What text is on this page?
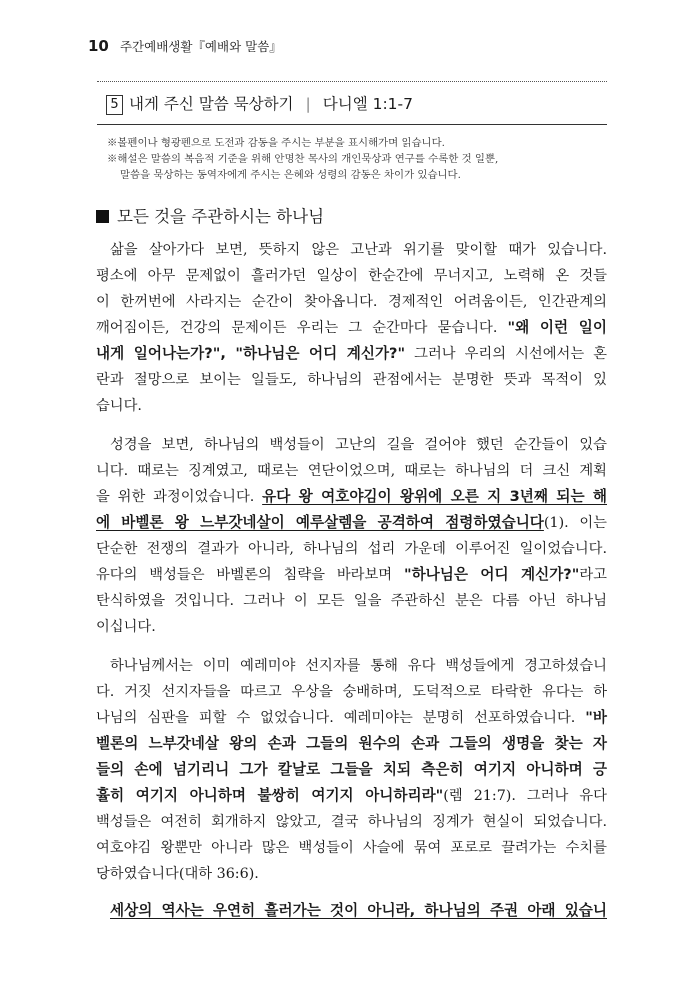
10 주간예배생활『예배와 말씀』
5 내게 주신 말씀 묵상하기 | 다니엘 1:1-7
※볼펜이나 형광펜으로 도전과 감동을 주시는 부분을 표시해가며 읽습니다.
※해설은 말씀의 복음적 기준을 위해 안명찬 목사의 개인묵상과 연구를 수록한 것 일뿐,
말씀을 묵상하는 동역자에게 주시는 은혜와 성령의 감동은 차이가 있습니다.
모든 것을 주관하시는 하나님
삶을 살아가다 보면, 뜻하지 않은 고난과 위기를 맞이할 때가 있습니다.
평소에 아무 문제없이 흘러가던 일상이 한순간에 무너지고, 노력해 온 것들
이 한꺼번에 사라지는 순간이 찾아옵니다. 경제적인 어려움이든, 인간관계의
깨어짐이든, 건강의 문제이든 우리는 그 순간마다 묻습니다. "왜 이런 일이
내게 일어나는가?", "하나님은 어디 계신가?" 그러나 우리의 시선에서는 혼
란과 절망으로 보이는 일들도, 하나님의 관점에서는 분명한 뜻과 목적이 있
습니다.
성경을 보면, 하나님의 백성들이 고난의 길을 걸어야 했던 순간들이 있습
니다. 때로는 징계였고, 때로는 연단이었으며, 때로는 하나님의 더 크신 계획
을 위한 과정이었습니다. 유다 왕 여호야김이 왕위에 오른 지 3년째 되는 해
에 바벨론 왕 느부갓네살이 예루살렘을 공격하여 점령하였습니다(1). 이는
단순한 전쟁의 결과가 아니라, 하나님의 섭리 가운데 이루어진 일이었습니다.
유다의 백성들은 바벨론의 침략을 바라보며 "하나님은 어디 계신가?"라고
탄식하였을 것입니다. 그러나 이 모든 일을 주관하신 분은 다름 아닌 하나님
이십니다.
하나님께서는 이미 예레미야 선지자를 통해 유다 백성들에게 경고하셨습니
다. 거짓 선지자들을 따르고 우상을 숭배하며, 도덕적으로 타락한 유다는 하
나님의 심판을 피할 수 없었습니다. 예레미야는 분명히 선포하였습니다. "바
벨론의 느부갓네살 왕의 손과 그들의 원수의 손과 그들의 생명을 찾는 자
들의 손에 넘기리니 그가 칼날로 그들을 치되 측은히 여기지 아니하며 긍
휼히 여기지 아니하며 불쌍히 여기지 아니하리라"(렘 21:7). 그러나 유다
백성들은 여전히 회개하지 않았고, 결국 하나님의 징계가 현실이 되었습니다.
여호야김 왕뿐만 아니라 많은 백성들이 사슬에 묶여 포로로 끌려가는 수치를
당하였습니다(대하 36:6).
세상의 역사는 우연히 흘러가는 것이 아니라, 하나님의 주권 아래 있습니
